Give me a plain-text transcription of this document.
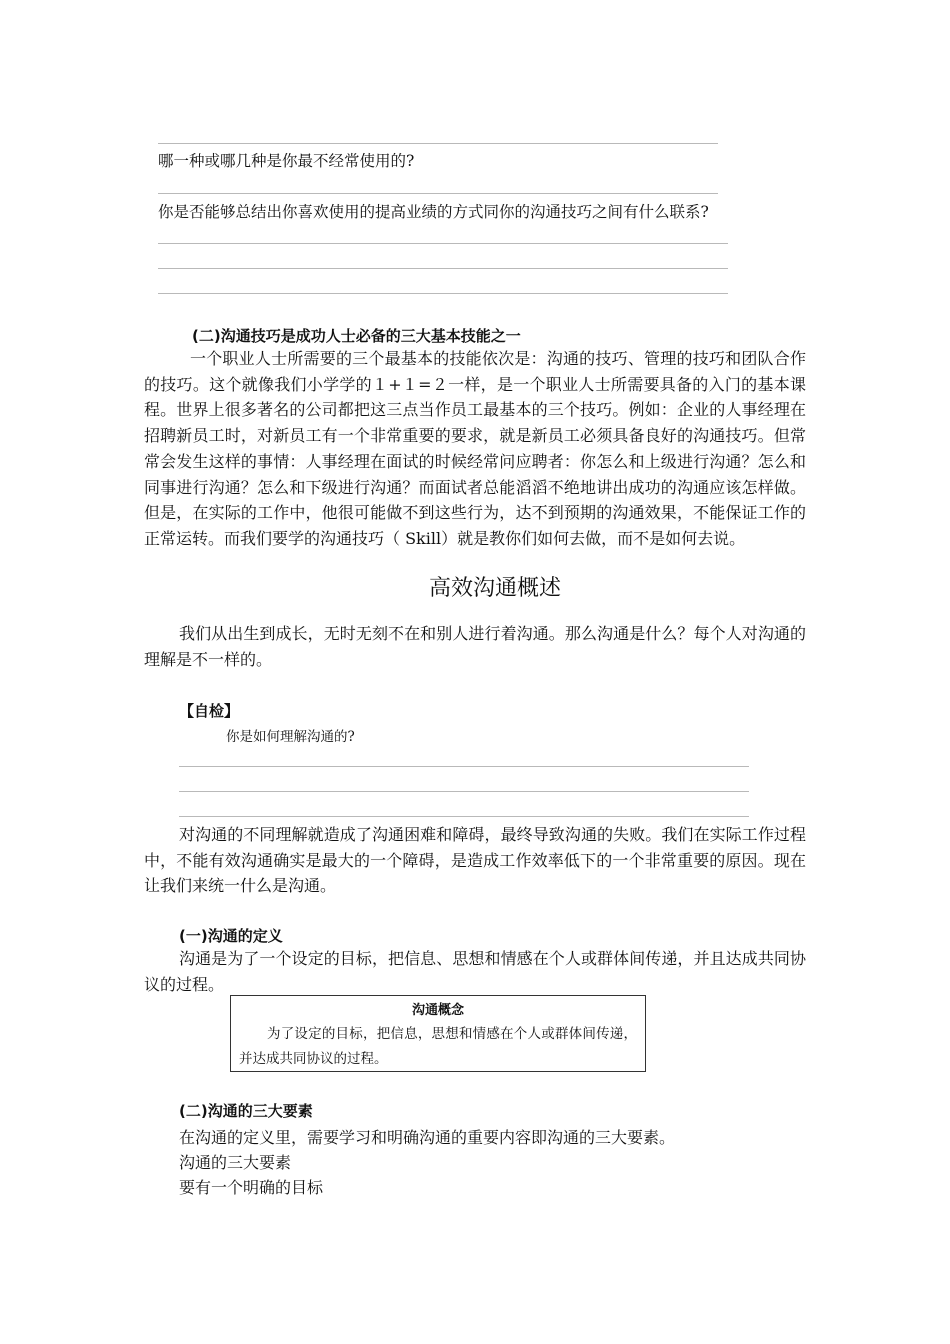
哪一种或哪几种是你最不经常使用的?
你是否能够总结出你喜欢使用的提高业绩的方式同你的沟通技巧之间有什么联系?
(二)沟通技巧是成功人士必备的三大基本技能之一
一个职业人士所需要的三个最基本的技能依次是：沟通的技巧、管理的技巧和团队合作的技巧。这个就像我们小学学的１+１=２一样，是一个职业人士所需要具备的入门的基本课程。世界上很多著名的公司都把这三点当作员工最基本的三个技巧。例如：企业的人事经理在招聘新员工时，对新员工有一个非常重要的要求，就是新员工必须具备良好的沟通技巧。但常常会发生这样的事情：人事经理在面试的时候经常问应聘者：你怎么和上级进行沟通？怎么和同事进行沟通？怎么和下级进行沟通？而面试者总能滔滔不绝地讲出成功的沟通应该怎样做。但是，在实际的工作中，他很可能做不到这些行为，达不到预期的沟通效果，不能保证工作的正常运转。而我们要学的沟通技巧（ Skill）就是教你们如何去做，而不是如何去说。
高效沟通概述
我们从出生到成长，无时无刻不在和别人进行着沟通。那么沟通是什么？每个人对沟通的理解是不一样的。
【自检】
你是如何理解沟通的?
对沟通的不同理解就造成了沟通困难和障碍，最终导致沟通的失败。我们在实际工作过程中，不能有效沟通确实是最大的一个障碍，是造成工作效率低下的一个非常重要的原因。现在让我们来统一什么是沟通。
(一)沟通的定义
沟通是为了一个设定的目标，把信息、思想和情感在个人或群体间传递，并且达成共同协议的过程。
沟通概念
为了设定的目标，把信息，思想和情感在个人或群体间传递，并达成共同协议的过程。
(二)沟通的三大要素
在沟通的定义里，需要学习和明确沟通的重要内容即沟通的三大要素。
沟通的三大要素
要有一个明确的目标
